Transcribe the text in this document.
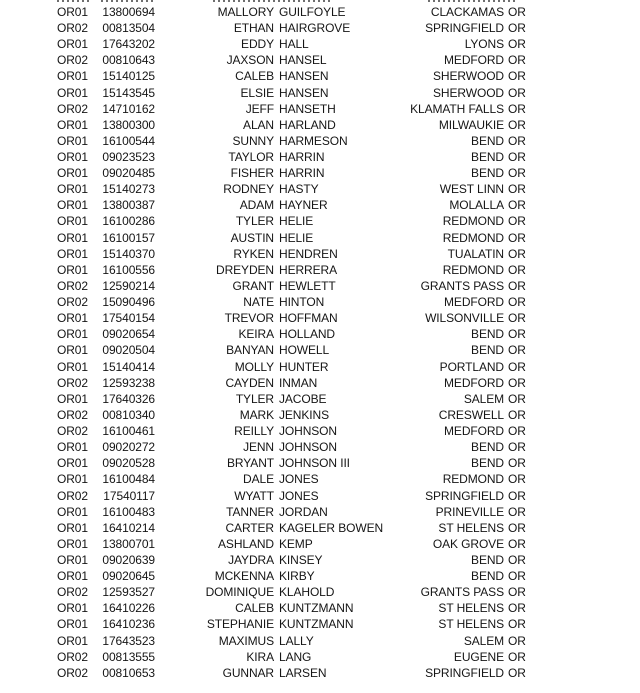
OR01	13800694	MALLORY GUILFOYLE	CLACKAMAS OR
OR02	00813504	ETHAN HAIRGROVE	SPRINGFIELD OR
OR01	17643202	EDDY HALL	LYONS OR
OR02	00810643	JAXSON HANSEL	MEDFORD OR
OR01	15140125	CALEB HANSEN	SHERWOOD OR
OR01	15143545	ELSIE HANSEN	SHERWOOD OR
OR02	14710162	JEFF HANSETH	KLAMATH FALLS OR
OR01	13800300	ALAN HARLAND	MILWAUKIE OR
OR01	16100544	SUNNY HARMESON	BEND OR
OR01	09023523	TAYLOR HARRIN	BEND OR
OR01	09020485	FISHER HARRIN	BEND OR
OR01	15140273	RODNEY HASTY	WEST LINN OR
OR01	13800387	ADAM HAYNER	MOLALLA OR
OR01	16100286	TYLER HELIE	REDMOND OR
OR01	16100157	AUSTIN HELIE	REDMOND OR
OR01	15140370	RYKEN HENDREN	TUALATIN OR
OR01	16100556	DREYDEN HERRERA	REDMOND OR
OR02	12590214	GRANT HEWLETT	GRANTS PASS OR
OR02	15090496	NATE HINTON	MEDFORD OR
OR01	17540154	TREVOR HOFFMAN	WILSONVILLE OR
OR01	09020654	KEIRA HOLLAND	BEND OR
OR01	09020504	BANYAN HOWELL	BEND OR
OR01	15140414	MOLLY HUNTER	PORTLAND OR
OR02	12593238	CAYDEN INMAN	MEDFORD OR
OR01	17640326	TYLER JACOBE	SALEM OR
OR02	00810340	MARK JENKINS	CRESWELL OR
OR02	16100461	REILLY JOHNSON	MEDFORD OR
OR01	09020272	JENN JOHNSON	BEND OR
OR01	09020528	BRYANT JOHNSON III	BEND OR
OR01	16100484	DALE JONES	REDMOND OR
OR02	17540117	WYATT JONES	SPRINGFIELD OR
OR01	16100483	TANNER JORDAN	PRINEVILLE OR
OR01	16410214	CARTER KAGELER BOWEN	ST HELENS OR
OR01	13800701	ASHLAND KEMP	OAK GROVE OR
OR01	09020639	JAYDRA KINSEY	BEND OR
OR01	09020645	MCKENNA KIRBY	BEND OR
OR02	12593527	DOMINIQUE KLAHOLD	GRANTS PASS OR
OR01	16410226	CALEB KUNTZMANN	ST HELENS OR
OR01	16410236	STEPHANIE KUNTZMANN	ST HELENS OR
OR01	17643523	MAXIMUS LALLY	SALEM OR
OR02	00813555	KIRA LANG	EUGENE OR
OR02	00810653	GUNNAR LARSEN	SPRINGFIELD OR
